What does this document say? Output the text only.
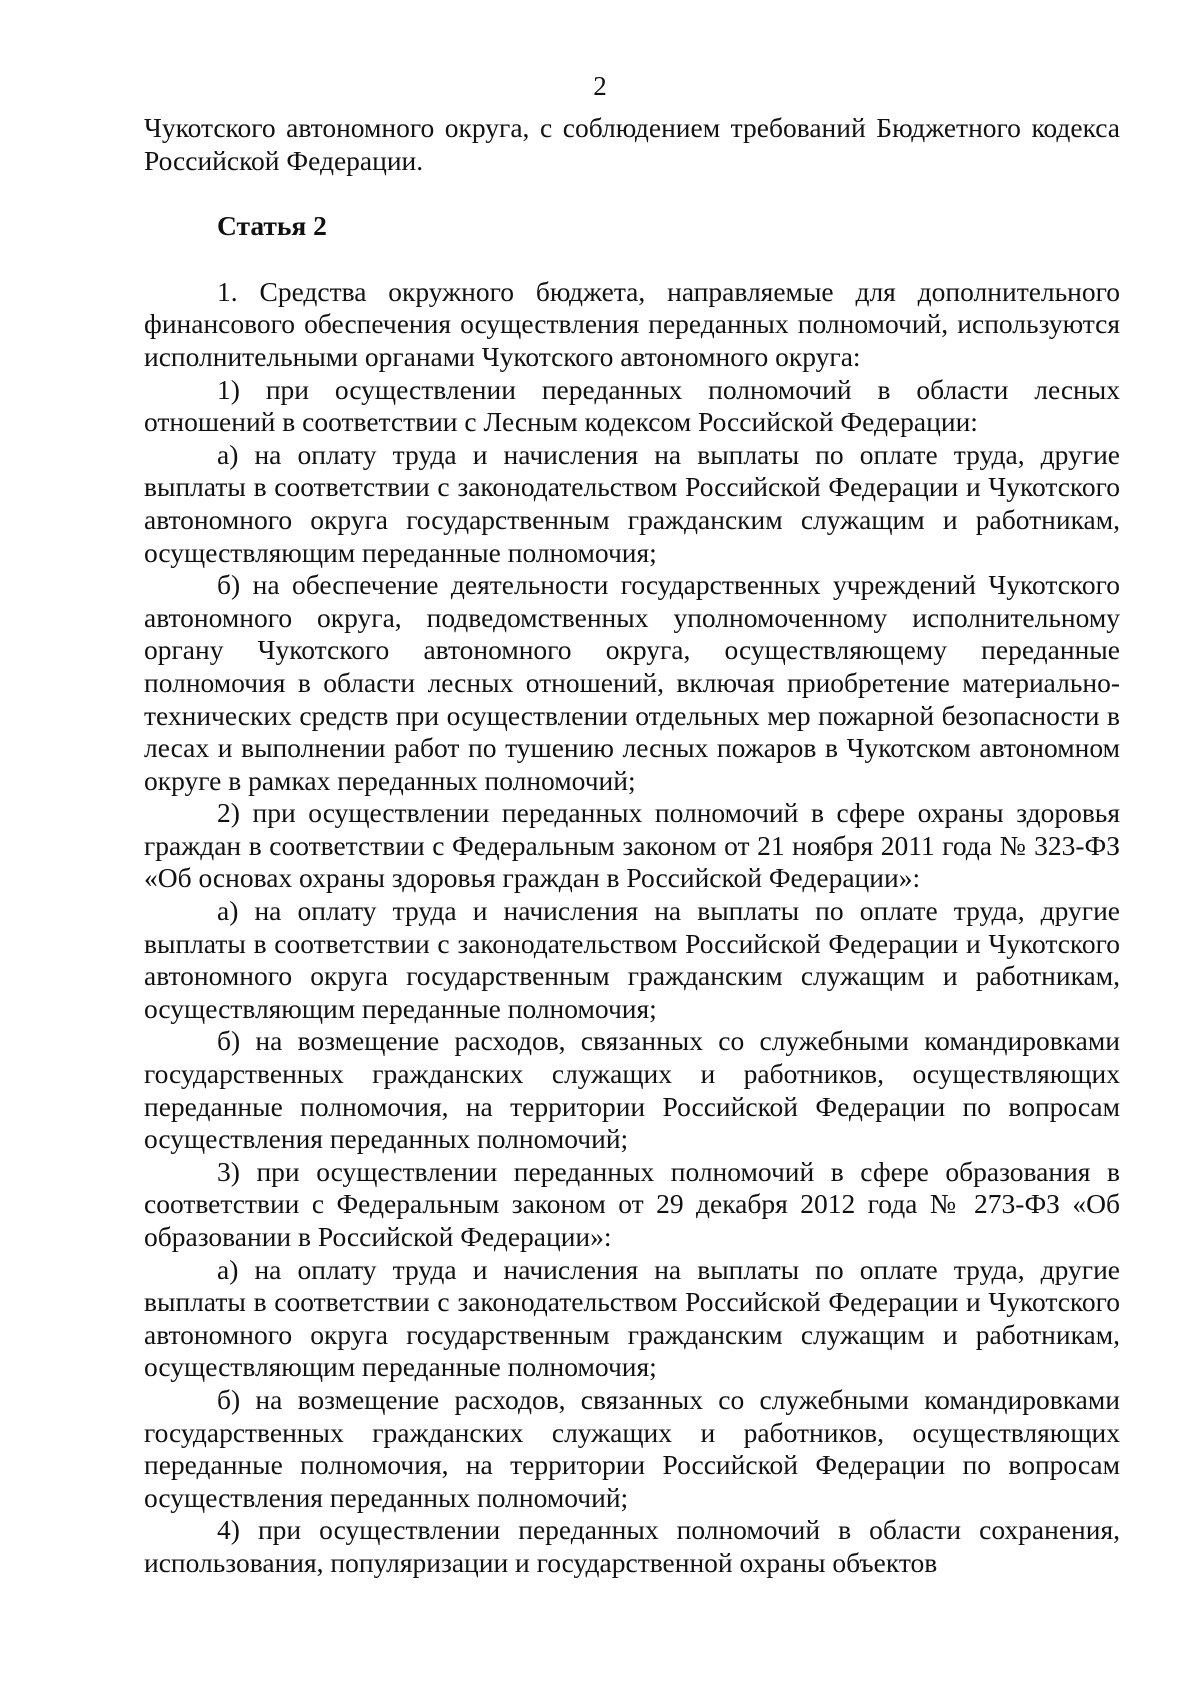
2

Чукотского автономного округа, с соблюдением требований Бюджетного кодекса Российской Федерации.

Статья 2

1. Средства окружного бюджета, направляемые для дополнительного финансового обеспечения осуществления переданных полномочий, используются исполнительными органами Чукотского автономного округа:

1) при осуществлении переданных полномочий в области лесных отношений в соответствии с Лесным кодексом Российской Федерации:

а) на оплату труда и начисления на выплаты по оплате труда, другие выплаты в соответствии с законодательством Российской Федерации и Чукотского автономного округа государственным гражданским служащим и работникам, осуществляющим переданные полномочия;

б) на обеспечение деятельности государственных учреждений Чукотского автономного округа, подведомственных уполномоченному исполнительному органу Чукотского автономного округа, осуществляющему переданные полномочия в области лесных отношений, включая приобретение материально-технических средств при осуществлении отдельных мер пожарной безопасности в лесах и выполнении работ по тушению лесных пожаров в Чукотском автономном округе в рамках переданных полномочий;

2) при осуществлении переданных полномочий в сфере охраны здоровья граждан в соответствии с Федеральным законом от 21 ноября 2011 года № 323-ФЗ «Об основах охраны здоровья граждан в Российской Федерации»:

а) на оплату труда и начисления на выплаты по оплате труда, другие выплаты в соответствии с законодательством Российской Федерации и Чукотского автономного округа государственным гражданским служащим и работникам, осуществляющим переданные полномочия;

б) на возмещение расходов, связанных со служебными командировками государственных гражданских служащих и работников, осуществляющих переданные полномочия, на территории Российской Федерации по вопросам осуществления переданных полномочий;

3) при осуществлении переданных полномочий в сфере образования в соответствии с Федеральным законом от 29 декабря 2012 года № 273-ФЗ «Об образовании в Российской Федерации»:

а) на оплату труда и начисления на выплаты по оплате труда, другие выплаты в соответствии с законодательством Российской Федерации и Чукотского автономного округа государственным гражданским служащим и работникам, осуществляющим переданные полномочия;

б) на возмещение расходов, связанных со служебными командировками государственных гражданских служащих и работников, осуществляющих переданные полномочия, на территории Российской Федерации по вопросам осуществления переданных полномочий;

4) при осуществлении переданных полномочий в области сохранения, использования, популяризации и государственной охраны объектов
